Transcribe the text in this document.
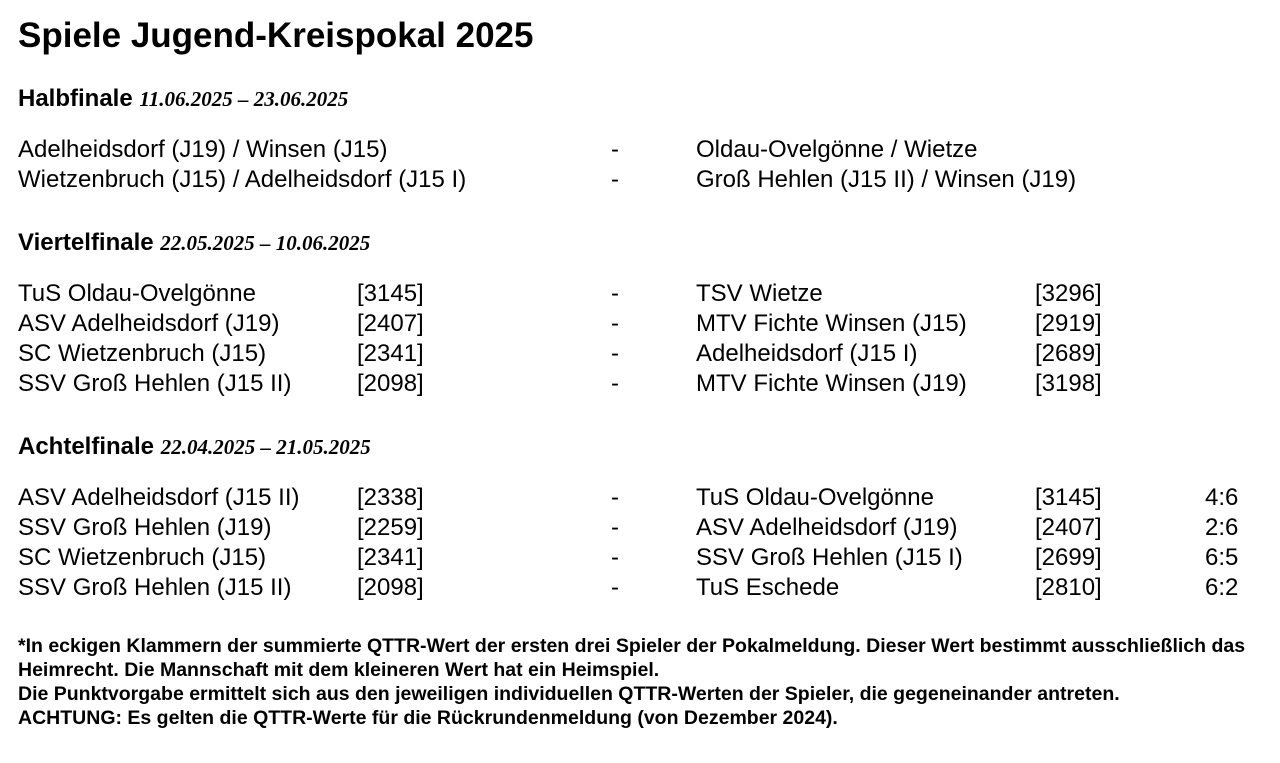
Spiele Jugend-Kreispokal 2025
Halbfinale 11.06.2025 – 23.06.2025
Adelheidsdorf (J19) / Winsen (J15)	-	Oldau-Ovelgönne / Wietze
Wietzenbruch (J15) / Adelheidsdorf (J15 I)	-	Groß Hehlen (J15 II) / Winsen (J19)
Viertelfinale 22.05.2025 – 10.06.2025
TuS Oldau-Ovelgönne	[3145]	-	TSV Wietze	[3296]
ASV Adelheidsdorf (J19)	[2407]	-	MTV Fichte Winsen (J15)	[2919]
SC Wietzenbruch (J15)	[2341]	-	Adelheidsdorf (J15 I)	[2689]
SSV Groß Hehlen (J15 II)	[2098]	-	MTV Fichte Winsen (J19)	[3198]
Achtelfinale 22.04.2025 – 21.05.2025
ASV Adelheidsdorf (J15 II) [2338]	-	TuS Oldau-Ovelgönne	[3145]	4:6
SSV Groß Hehlen (J19)	[2259]	-	ASV Adelheidsdorf (J19)	[2407]	2:6
SC Wietzenbruch (J15)	[2341]	-	SSV Groß Hehlen (J15 I)	[2699]	6:5
SSV Groß Hehlen (J15 II)	[2098]	-	TuS Eschede	[2810]	6:2

*In eckigen Klammern der summierte QTTR-Wert der ersten drei Spieler der Pokalmeldung. Dieser Wert bestimmt ausschließlich das Heimrecht. Die Mannschaft mit dem kleineren Wert hat ein Heimspiel.

Die Punktvorgabe ermittelt sich aus den jeweiligen individuellen QTTR-Werten der Spieler, die gegeneinander antreten.

ACHTUNG: Es gelten die QTTR-Werte für die Rückrundenmeldung (von Dezember 2024).
